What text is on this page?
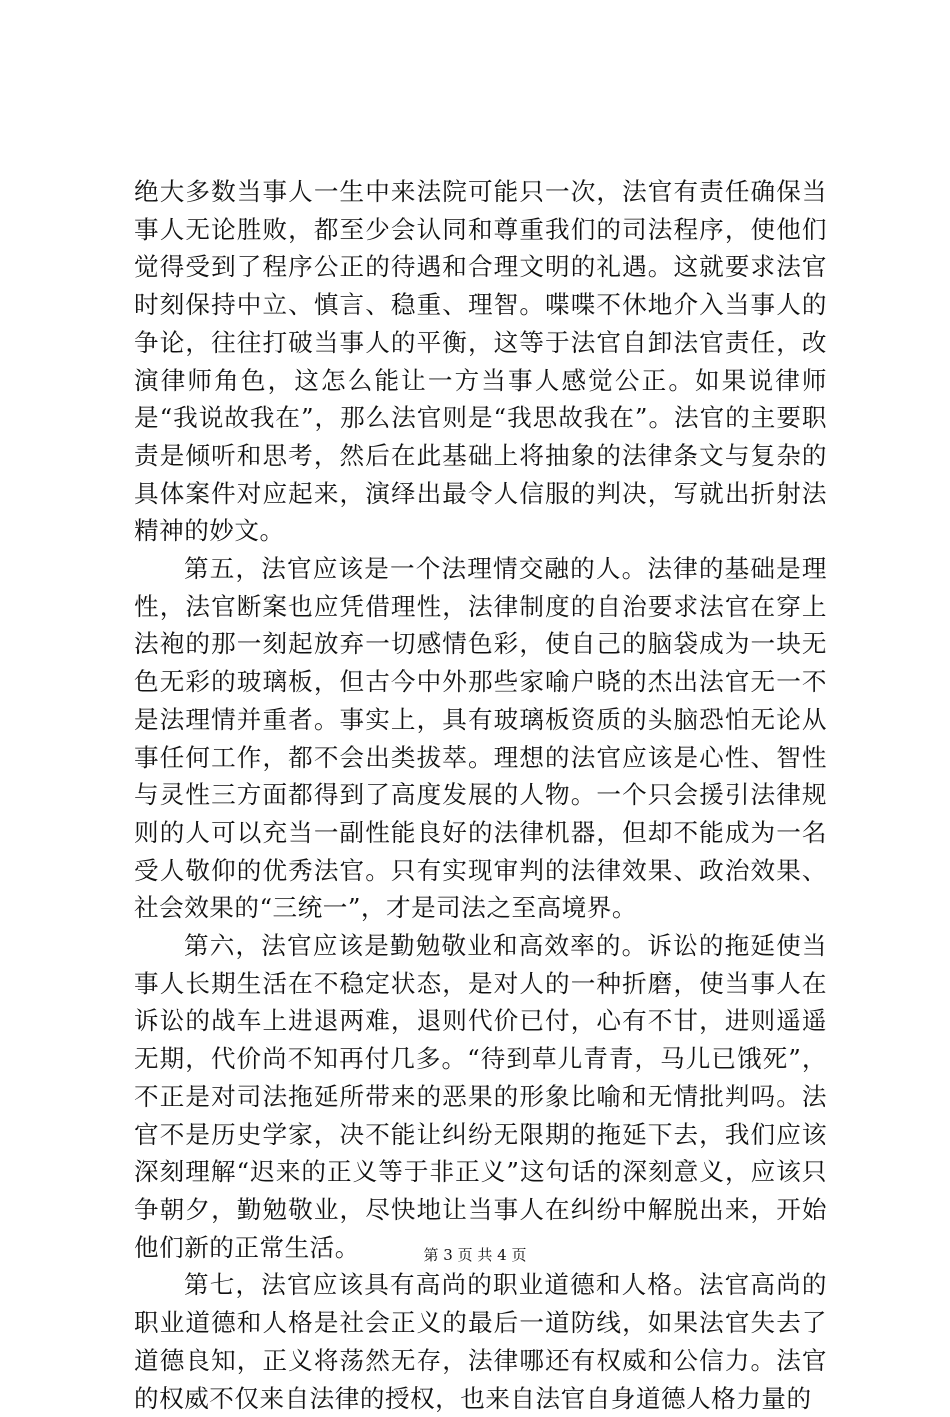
绝大多数当事人一生中来法院可能只一次，法官有责任确保当事人无论胜败，都至少会认同和尊重我们的司法程序，使他们觉得受到了程序公正的待遇和合理文明的礼遇。这就要求法官时刻保持中立、慎言、稳重、理智。喋喋不休地介入当事人的争论，往往打破当事人的平衡，这等于法官自卸法官责任，改演律师角色，这怎么能让一方当事人感觉公正。如果说律师是“我说故我在”，那么法官则是“我思故我在”。法官的主要职责是倾听和思考，然后在此基础上将抽象的法律条文与复杂的具体案件对应起来，演绎出最令人信服的判决，写就出折射法精神的妙文。

第五，法官应该是一个法理情交融的人。法律的基础是理性，法官断案也应凭借理性，法律制度的自治要求法官在穿上法袍的那一刻起放弃一切感情色彩，使自己的脑袋成为一块无色无彩的玻璃板，但古今中外那些家喻户晓的杰出法官无一不是法理情并重者。事实上，具有玻璃板资质的头脑恐怕无论从事任何工作，都不会出类拔萃。理想的法官应该是心性、智性与灵性三方面都得到了高度发展的人物。一个只会援引法律规则的人可以充当一副性能良好的法律机器，但却不能成为一名受人敬仰的优秀法官。只有实现审判的法律效果、政治效果、社会效果的“三统一”，才是司法之至高境界。

第六，法官应该是勤勉敬业和高效率的。诉讼的拖延使当事人长期生活在不稳定状态，是对人的一种折磨，使当事人在诉讼的战车上进退两难，退则代价已付，心有不甘，进则遥遥无期，代价尚不知再付几多。“待到草儿青青，马儿已饿死”，不正是对司法拖延所带来的恶果的形象比喻和无情批判吗。法官不是历史学家，决不能让纠纷无限期的拖延下去，我们应该深刻理解“迟来的正义等于非正义”这句话的深刻意义，应该只争朝夕，勤勉敬业，尽快地让当事人在纠纷中解脱出来，开始他们新的正常生活。

第七，法官应该具有高尚的职业道德和人格。法官高尚的职业道德和人格是社会正义的最后一道防线，如果法官失去了道德良知，正义将荡然无存，法律哪还有权威和公信力。法官的权威不仅来自法律的授权，也来自法官自身道德人格力量的

第 3 页 共 4 页
